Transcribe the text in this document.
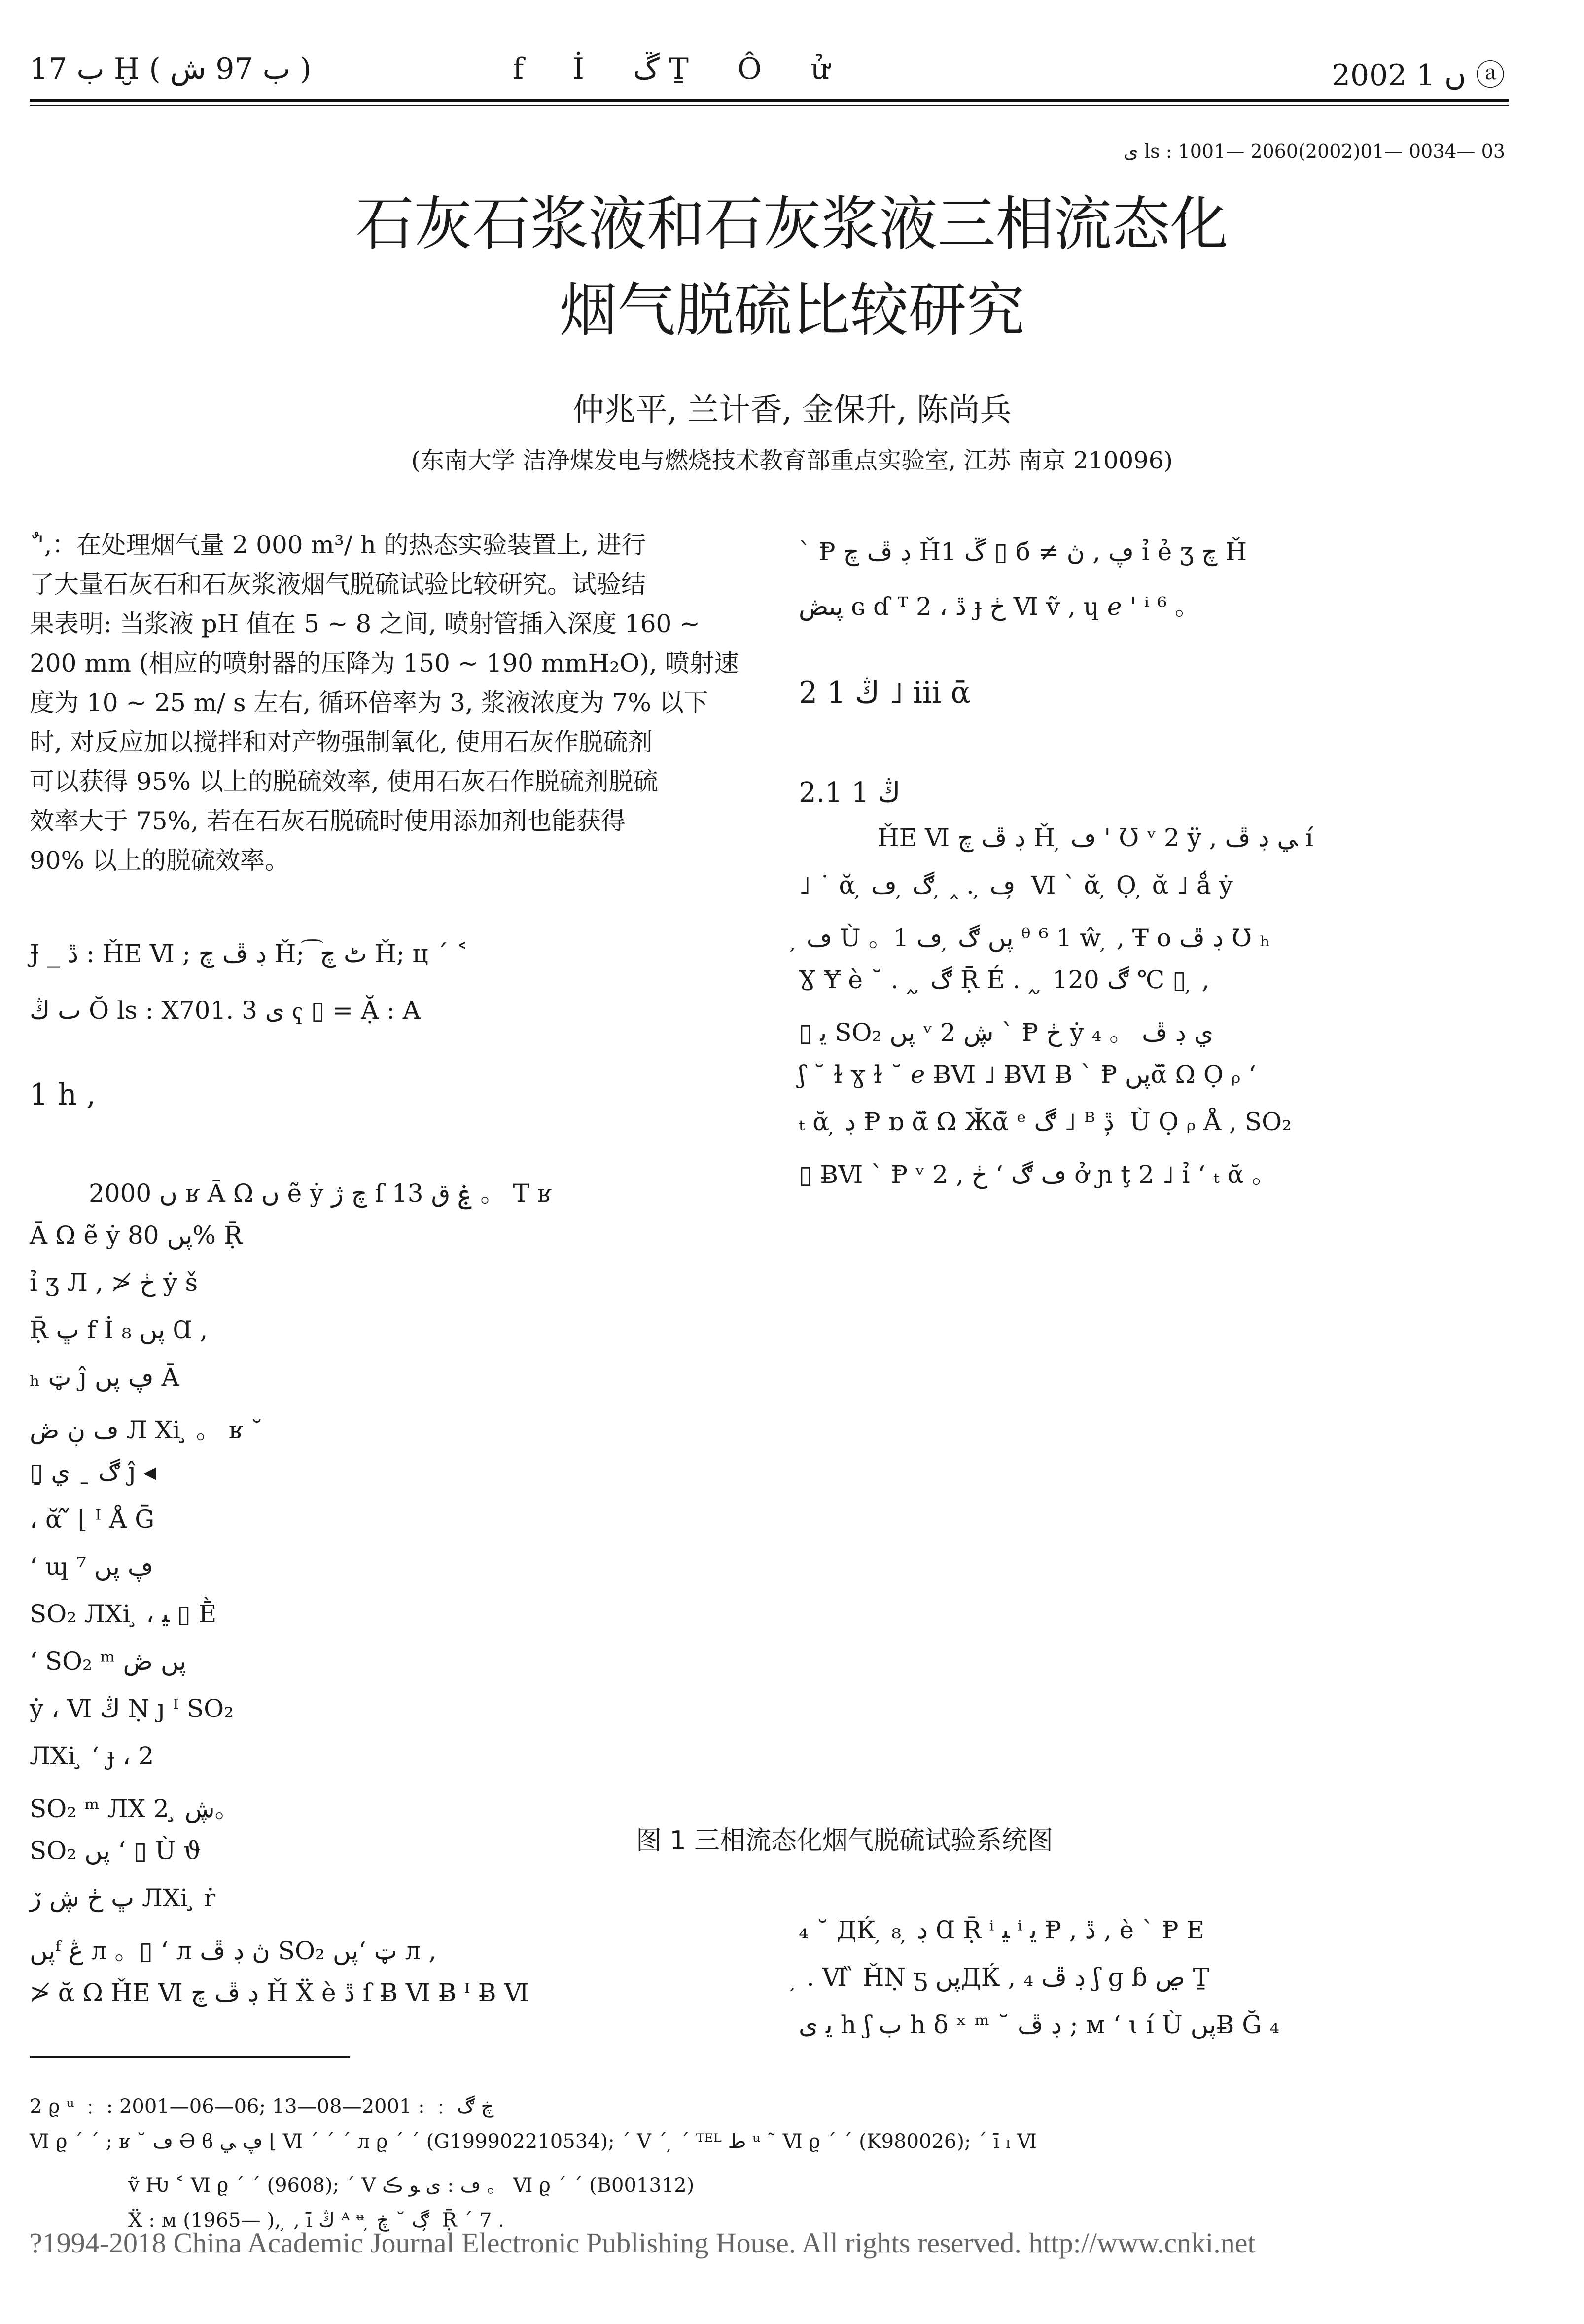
ب 17 Ḫ ( ب 97 ﺵ )	f İ ڱ Ṯ Ô ử	2002 ں 1 ⓐ
ى ls : 1001— 2060(2002)01— 0034— 03
石灰石浆液和石灰浆液三相流态化
烟气脱硫比较研究
仲兆平, 兰计香, 金保升, 陈尚兵
(东南大学 洁净煤发电与燃烧技术教育部重点实验室, 江苏 南京 210096)
ٌ ',：在处理烟气量 2 000 m³/ h 的热态实验装置上, 进行
了大量石灰石和石灰浆液烟气脱硫试验比较研究。试验结
果表明: 当浆液 pH 值在 5 ~ 8 之间, 喷射管插入深度 160 ~
200 mm (相应的喷射器的压降为 150 ~ 190 mmH₂O), 喷射速
度为 10 ~ 25 m/ s 左右, 循环倍率为 3, 浆液浓度为 7% 以下
时, 对反应加以搅拌和对产物强制氧化, 使用石灰作脱硫剂
可以获得 95% 以上的脱硫效率, 使用石灰石作脱硫剂脱硫
效率大于 75%, 若在石灰石脱硫时使用添加剂也能获得
90% 以上的脱硫效率。
Ɉ _ ڐ : ȞE Ⅵ ; ڊ ڦ چ Ȟ; ͡ ٹ چ Ȟ; ц ˊ ˂
ٮ ڭ Ŏ ls : X701. 3 ى ҁ ▯ = Ặ : A
1 h ,
2000 ں ʁ Ā Ω ں ẽ ẏ چ ژ ſ 13 ۼ ق 。 Т ʁ
Ā Ω ẽ ẏ پں 80% Ṝ
ỉ ʒ Л , ≯ ڂ ẏ š
Ṝ ڀ f İ پں ₈ Ɑ ,
ₕ ټ ĵ ڥ پں Ā
ڡ ڹ ڞ Л Xi ̧ 。 ʁ ˘
▯ ̠ڰ ˍ ﻱ ĵ ◂
، ᾰ ᷉ ⌊ ᴵ Å Ḡ
ʻ ɰ ⁷ ڥ پں
SO₂ ЛXi ̧ ، ﻴ ▯ Ḕ
ʻ SO₂ ᵐ پں ڞ
ẏ ، Ⅵ ڭ Ṇ ȷ ᴵ SO₂
ЛXi ̧ ʻ ɟ ، 2
SO₂ ᵐ ЛX 2 ̧ ڜ。
SO₂ پں ʻ ▯ Ù ϑ
ڀ ڂ ڜ ڒ ЛXi ̧ ṙ
پںᶠ ڠ л 。▯ ʻ л ڽ ڊ ڦ SO₂ پںʻ ټ л ,
≯ ᾰ Ω ȞE Ⅵ ڊ ڦ چ Ȟ Ẍ è ڐ ſ Ƀ Ⅵ Ƀ ᴵ Ƀ Ⅵ
` Ᵽ ڊ ڦ چ Ȟ1 ڱ ▯ б ≠ ڥ , ڽ ỉ ẻ ʒ چ Ȟ
پںڞ ɢ ɗ ᵀ ڐ ، 2 ɟ ڂ Ⅵ ṽ , ɥ ℯ ' ⁱ ⁶ 。
2 1 ڭ ˩ iii ᾱ
2.1 1 ڭ
ȞE Ⅵ ڊ ڦ چ Ȟ ̦ ڡ ' Ʊ ᵛ 2 ÿ , ﻲ ڊ ڦ í
˩ ˙ ᾰ ̦ ڡ ̦ . ‸ ̦ ڰ ̦ ڡ ̦ Ⅵ ` ᾰ ̦ Ọ ̦ ᾰ ˩ ǻ ẏ
̦ ڡ Ù 。1 پں ڰ ̦ ڡ ᶿ ⁶ 1 ŵ ̦ , Ŧ o ڊ ڦ Ʊ ₕ
Ɣ Ɏ è ˘ . ‸ ̦ ڰ Ṝ É . ‸ ̦ ڰ 120 ℃ ▯ ̦ ,
▯ ﻳ SO₂ پں ᵛ 2 ڜ ` Ᵽ ڂ ẏ ﻱ ڊ ڦ 。 ₄
ʃ ˘ ɫ ɣ ɫ ˘ ℯ ɃⅥ ˩ ɃⅥ Ƀ ` Ᵽ پںᾰ̈ Ω Ọ ᵨ ʻ
ₜ ᾰ ̦ ڊ Ᵽ ɒ ᾰ̈ Ω Ӂᾰ̃ ᵉ ڰ ˩ ᴮ ڐ ̦ Ù Ọ ᵨ Å , SO₂
▯ ɃⅥ ` Ᵽ ᵛ 2 , ڂ ʻ ڡ ڰ ở ɲ ţ 2 ˩ ỉ ʻ ₜ ᾰ 。
图 1 三相流态化烟气脱硫试验系统图
₄ ˘ ДЌ ̦ ڊ ̦ ₈ Ɑ Ṝ ⁱ ﻴ ⁱ ﻳ Ᵽ , ڐ , è ` Ᵽ E
̦ . Ⅵ ̏ ȞṆ ƽ پںДЌ , ڊ ڦ ₄ ʃ ɡ ɓ ڝ Ṯ
ﻳ ﻯ h ʃ ﺏ h δ ˣ ᵐ ˘ ڊ ڦ ; ᴍ ʻ ɩ í Ù پںɃ Ğ ₄
2 ϱ ᶶ ﹕ : 2001—06—06; ڿ ڰ ﹕ : 2001—08—13
Ⅵ ϱ ˊ ˊ ; ʁ ˘ ڡ Ə ϐ ڥ ﻲ ⌊ Ⅵ ˊ ˊ ˊ л ϱ ˊ ˊ (G199902210534); ˊ Ⅴ ˊ ̦ ˊ ᵀᴱᴸ ﻁ ᶶ ˜ Ⅵ ϱ ˊ ˊ (K980026); ˊ ī ₗ Ⅵ
ṽ Ƕ ˂ Ⅵ ϱ ˊ ˊ (9608); ˊ Ⅴ ڡ : ﻯ ﻮ ڪ 。 Ⅵ ϱ ˊ ˊ (B001312)
Ẍ : ᴍ (1965— ), ̦ , ī ڭ ᴬ ᶶ ̦ ڰ ˘ ڿ ̦ Ṝ ˊ 7 .
?1994-2018 China Academic Journal Electronic Publishing House. All rights reserved. http://www.cnki.net
